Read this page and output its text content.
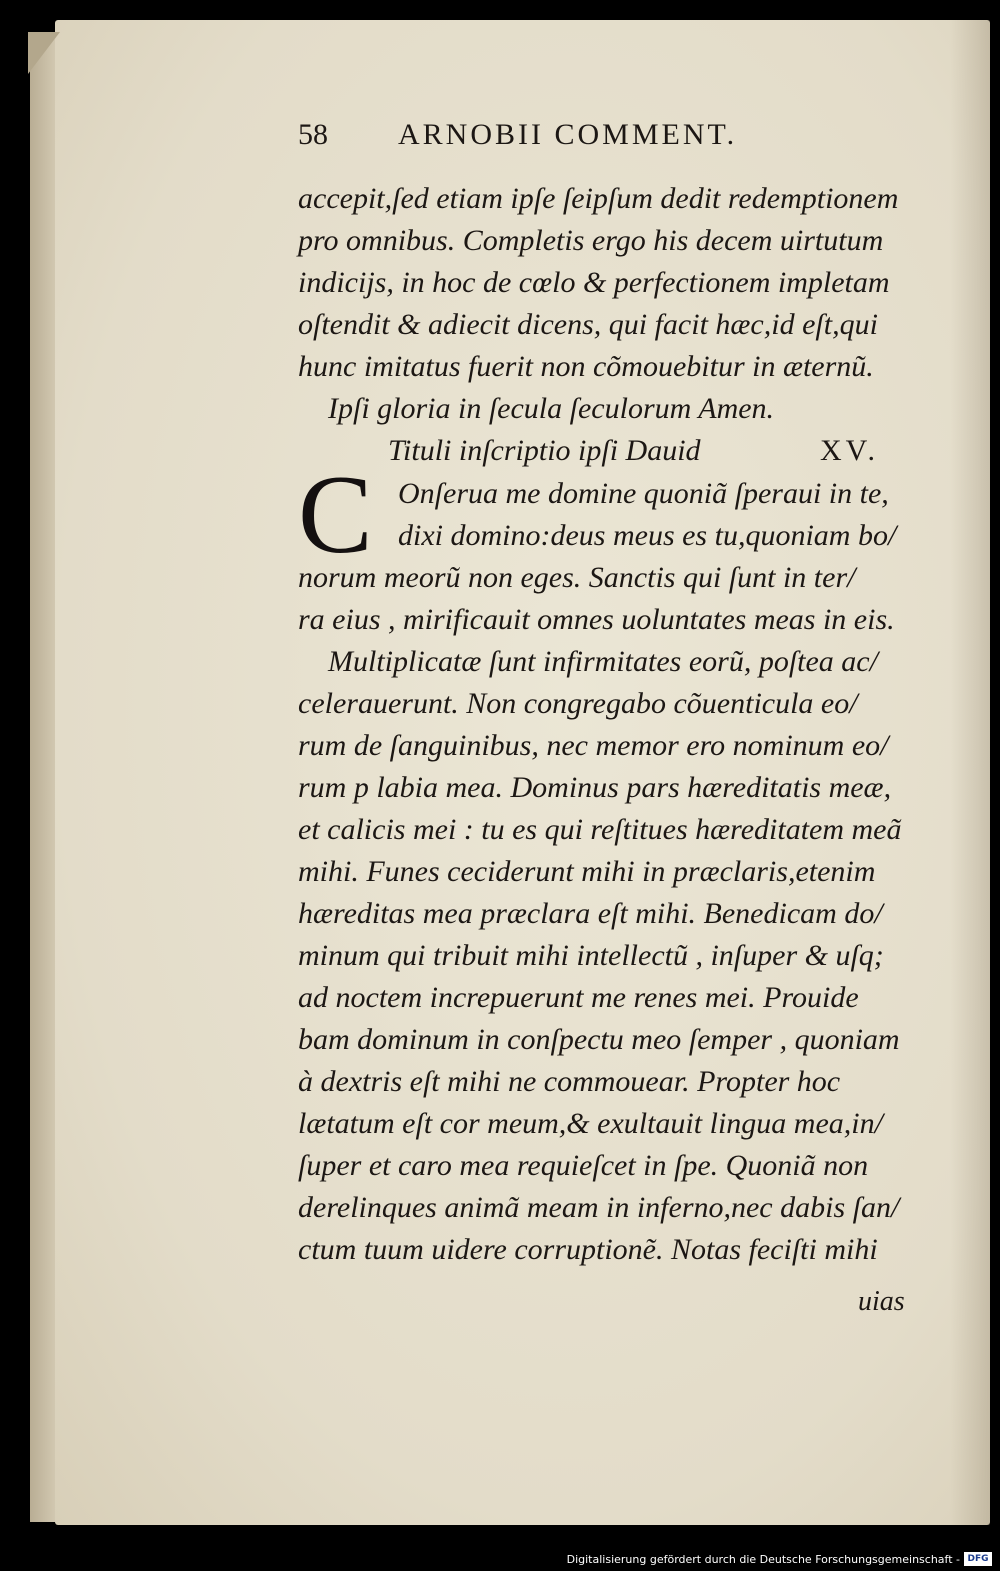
58 ARNOBII COMMENT.
accepit,ſed etiam ipſe ſeipſum dedit redemptionem
pro omnibus. Completis ergo his decem uirtutum
indicijs, in hoc de cœlo & perfectionem impletam
oſtendit & adiecit dicens, qui facit hæc,id eſt,qui
hunc imitatus fuerit non cõmouebitur in æternũ.
Ipſi gloria in ſecula ſeculorum Amen.
Tituli inſcriptio ipſi Dauid	XV.
C Onſerua me domine quoniã ſperaui in te,
dixi domino:deus meus es tu,quoniam bo/
norum meorũ non eges. Sanctis qui ſunt in ter/
ra eius , mirificauit omnes uoluntates meas in eis.
Multiplicatæ ſunt infirmitates eorũ, poſtea ac/
celerauerunt. Non congregabo cõuenticula eo/
rum de ſanguinibus, nec memor ero nominum eo/
rum p labia mea. Dominus pars hæreditatis meæ,
et calicis mei : tu es qui reſtitues hæreditatem meã
mihi. Funes ceciderunt mihi in præclaris,etenim
hæreditas mea præclara eſt mihi. Benedicam do/
minum qui tribuit mihi intellectũ , inſuper & uſq;
ad noctem increpuerunt me renes mei. Prouide
bam dominum in conſpectu meo ſemper , quoniam
à dextris eſt mihi ne commouear. Propter hoc
lætatum eſt cor meum,& exultauit lingua mea,in/
ſuper et caro mea requieſcet in ſpe. Quoniã non
derelinques animã meam in inferno,nec dabis ſan/
ctum tuum uidere corruptionẽ. Notas feciſti mihi
uias
Digitalisierung gefördert durch die Deutsche Forschungsgemeinschaft - DFG
